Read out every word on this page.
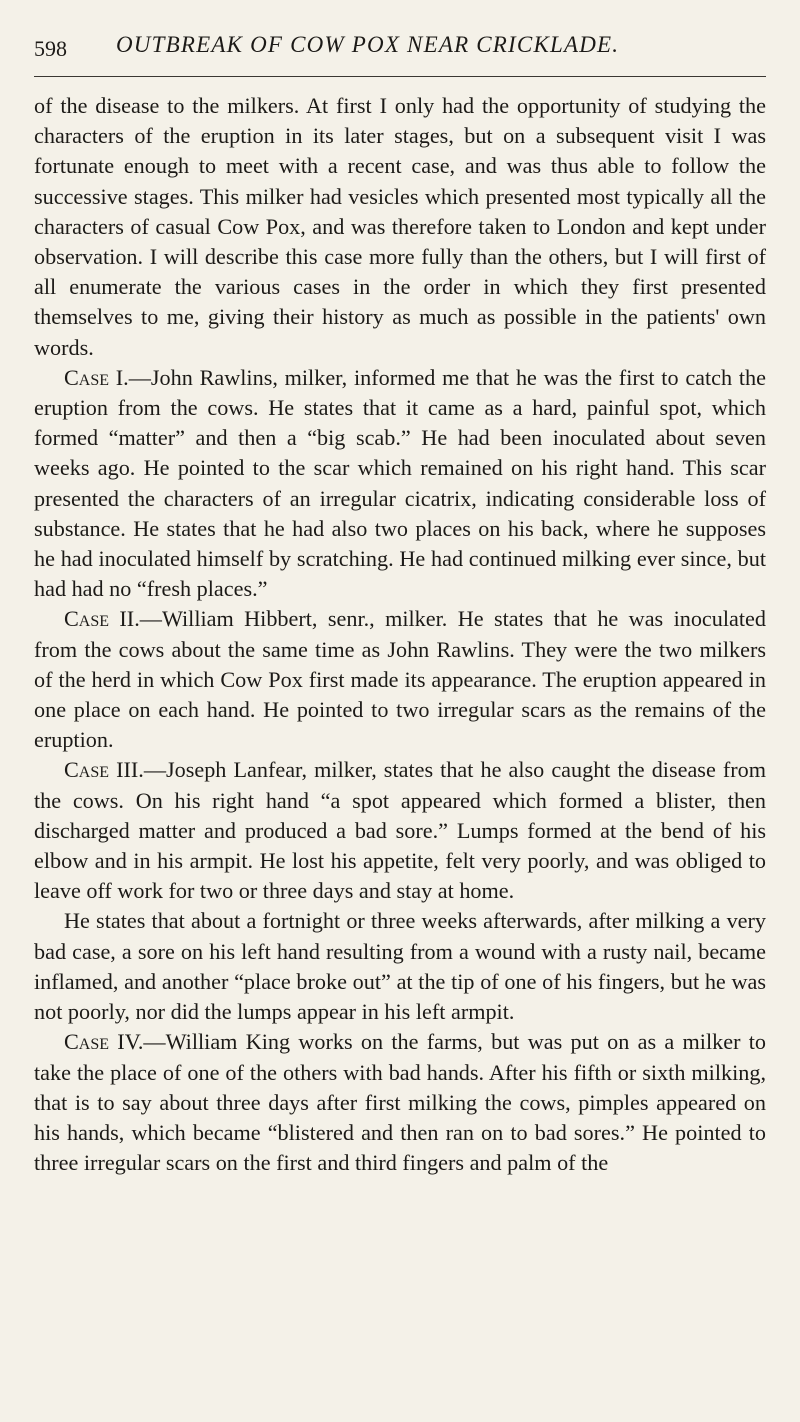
598 OUTBREAK OF COW POX NEAR CRICKLADE.

of the disease to the milkers. At first I only had the opportunity of studying the characters of the eruption in its later stages, but on a subsequent visit I was fortunate enough to meet with a recent case, and was thus able to follow the successive stages. This milker had vesicles which presented most typically all the characters of casual Cow Pox, and was therefore taken to London and kept under observation. I will describe this case more fully than the others, but I will first of all enumerate the various cases in the order in which they first presented themselves to me, giving their history as much as possible in the patients' own words.

Case I.—John Rawlins, milker, informed me that he was the first to catch the eruption from the cows. He states that it came as a hard, painful spot, which formed “matter” and then a “big scab.” He had been inoculated about seven weeks ago. He pointed to the scar which remained on his right hand. This scar presented the characters of an irregular cicatrix, indicating considerable loss of substance. He states that he had also two places on his back, where he supposes he had inoculated himself by scratching. He had continued milking ever since, but had had no “fresh places.”

Case II.—William Hibbert, senr., milker. He states that he was inoculated from the cows about the same time as John Rawlins. They were the two milkers of the herd in which Cow Pox first made its appearance. The eruption appeared in one place on each hand. He pointed to two irregular scars as the remains of the eruption.

Case III.—Joseph Lanfear, milker, states that he also caught the disease from the cows. On his right hand “a spot appeared which formed a blister, then discharged matter and produced a bad sore.” Lumps formed at the bend of his elbow and in his armpit. He lost his appetite, felt very poorly, and was obliged to leave off work for two or three days and stay at home.

He states that about a fortnight or three weeks afterwards, after milking a very bad case, a sore on his left hand resulting from a wound with a rusty nail, became inflamed, and another “place broke out” at the tip of one of his fingers, but he was not poorly, nor did the lumps appear in his left armpit.

Case IV.—William King works on the farms, but was put on as a milker to take the place of one of the others with bad hands. After his fifth or sixth milking, that is to say about three days after first milking the cows, pimples appeared on his hands, which became “blistered and then ran on to bad sores.” He pointed to three irregular scars on the first and third fingers and palm of the
